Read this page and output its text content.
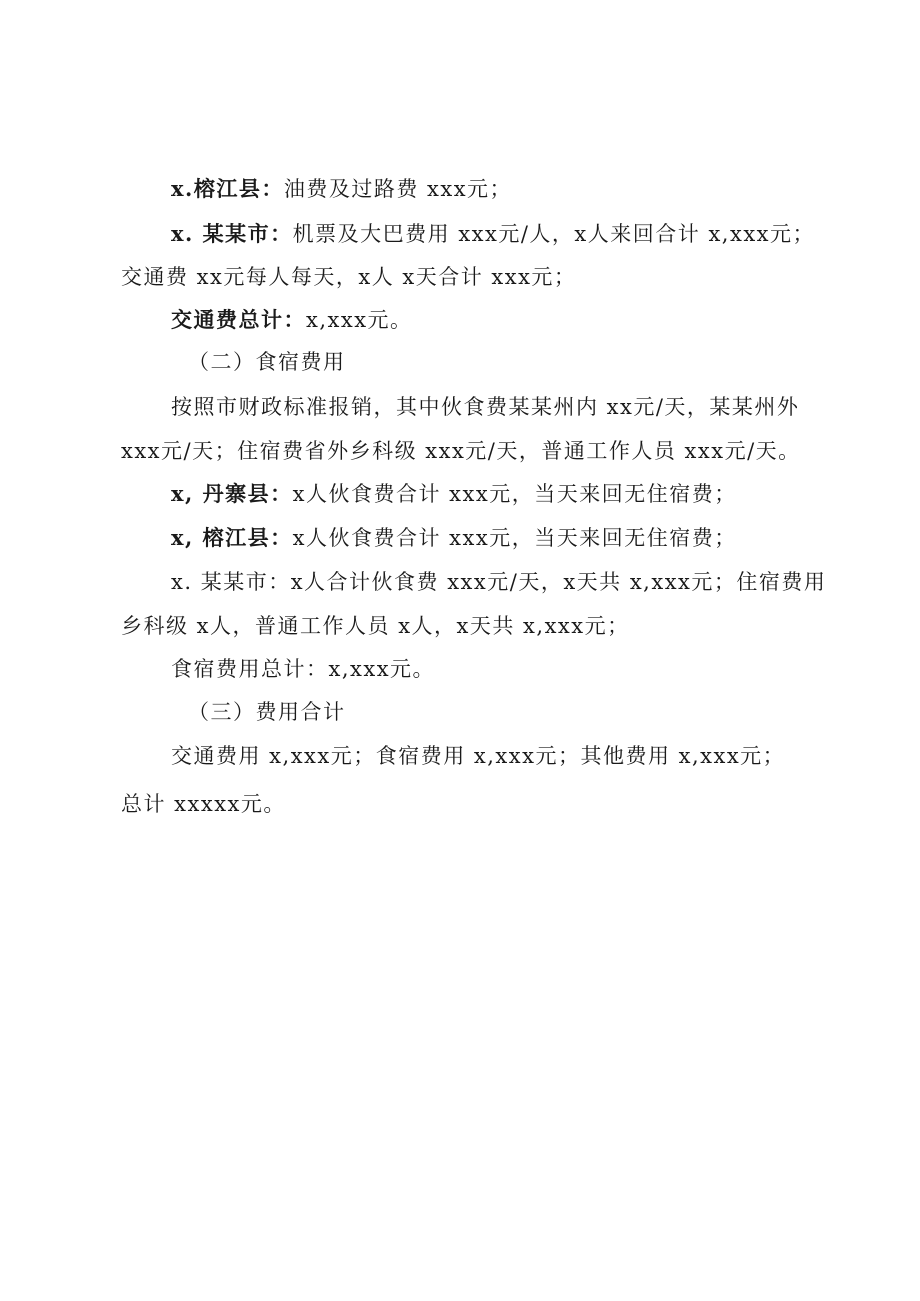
x.榕江县：油费及过路费 xxx元；
x. 某某市：机票及大巴费用 xxx元/人，x人来回合计 x,xxx元；
交通费 xx元每人每天，x人 x天合计 xxx元；
交通费总计：x,xxx元。
（二）食宿费用
按照市财政标准报销，其中伙食费某某州内 xx元/天，某某州外
xxx元/天；住宿费省外乡科级 xxx元/天，普通工作人员 xxx元/天。
x, 丹寨县：x人伙食费合计 xxx元，当天来回无住宿费；
x, 榕江县：x人伙食费合计 xxx元，当天来回无住宿费；
x. 某某市：x人合计伙食费 xxx元/天，x天共 x,xxx元；住宿费用
乡科级 x人，普通工作人员 x人，x天共 x,xxx元；
食宿费用总计：x,xxx元。
（三）费用合计
交通费用 x,xxx元；食宿费用 x,xxx元；其他费用 x,xxx元；
总计 xxxxx元。
